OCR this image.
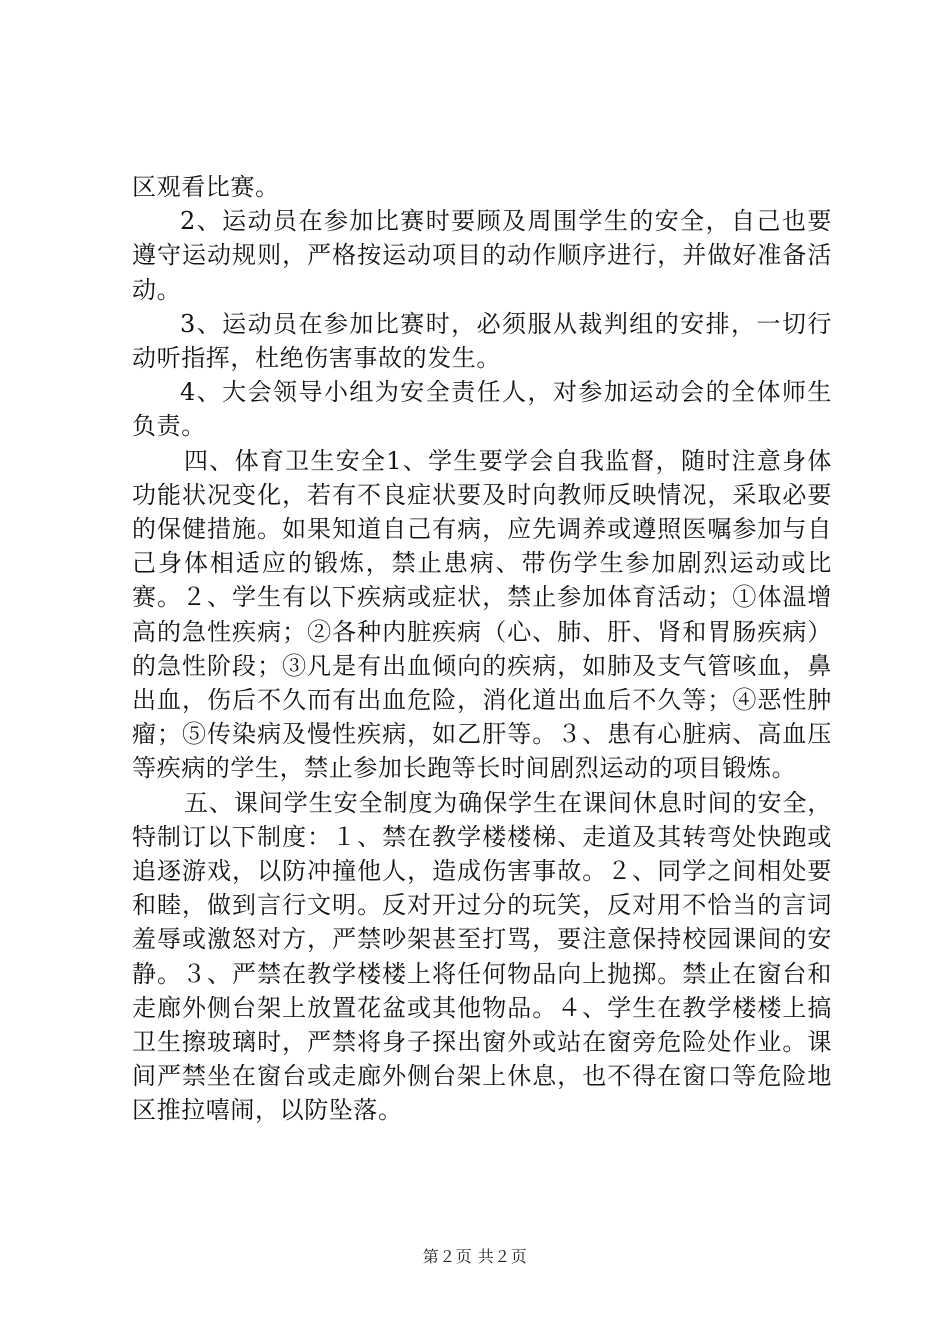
区观看比赛。

2、运动员在参加比赛时要顾及周围学生的安全，自己也要遵守运动规则，严格按运动项目的动作顺序进行，并做好准备活动。

3、运动员在参加比赛时，必须服从裁判组的安排，一切行动听指挥，杜绝伤害事故的发生。

4、大会领导小组为安全责任人，对参加运动会的全体师生负责。

四、体育卫生安全1、学生要学会自我监督，随时注意身体功能状况变化，若有不良症状要及时向教师反映情况，采取必要的保健措施。如果知道自己有病，应先调养或遵照医嘱参加与自己身体相适应的锻炼，禁止患病、带伤学生参加剧烈运动或比赛。２、学生有以下疾病或症状，禁止参加体育活动；①体温增高的急性疾病；②各种内脏疾病（心、肺、肝、肾和胃肠疾病）的急性阶段；③凡是有出血倾向的疾病，如肺及支气管咳血，鼻出血，伤后不久而有出血危险，消化道出血后不久等；④恶性肿瘤；⑤传染病及慢性疾病，如乙肝等。３、患有心脏病、高血压等疾病的学生，禁止参加长跑等长时间剧烈运动的项目锻炼。

五、课间学生安全制度为确保学生在课间休息时间的安全，特制订以下制度：１、禁在教学楼楼梯、走道及其转弯处快跑或追逐游戏，以防冲撞他人，造成伤害事故。２、同学之间相处要和睦，做到言行文明。反对开过分的玩笑，反对用不恰当的言词羞辱或激怒对方，严禁吵架甚至打骂，要注意保持校园课间的安静。３、严禁在教学楼楼上将任何物品向上抛掷。禁止在窗台和走廊外侧台架上放置花盆或其他物品。４、学生在教学楼楼上搞卫生擦玻璃时，严禁将身子探出窗外或站在窗旁危险处作业。课间严禁坐在窗台或走廊外侧台架上休息，也不得在窗口等危险地区推拉嘻闹，以防坠落。

第２页 共２页
